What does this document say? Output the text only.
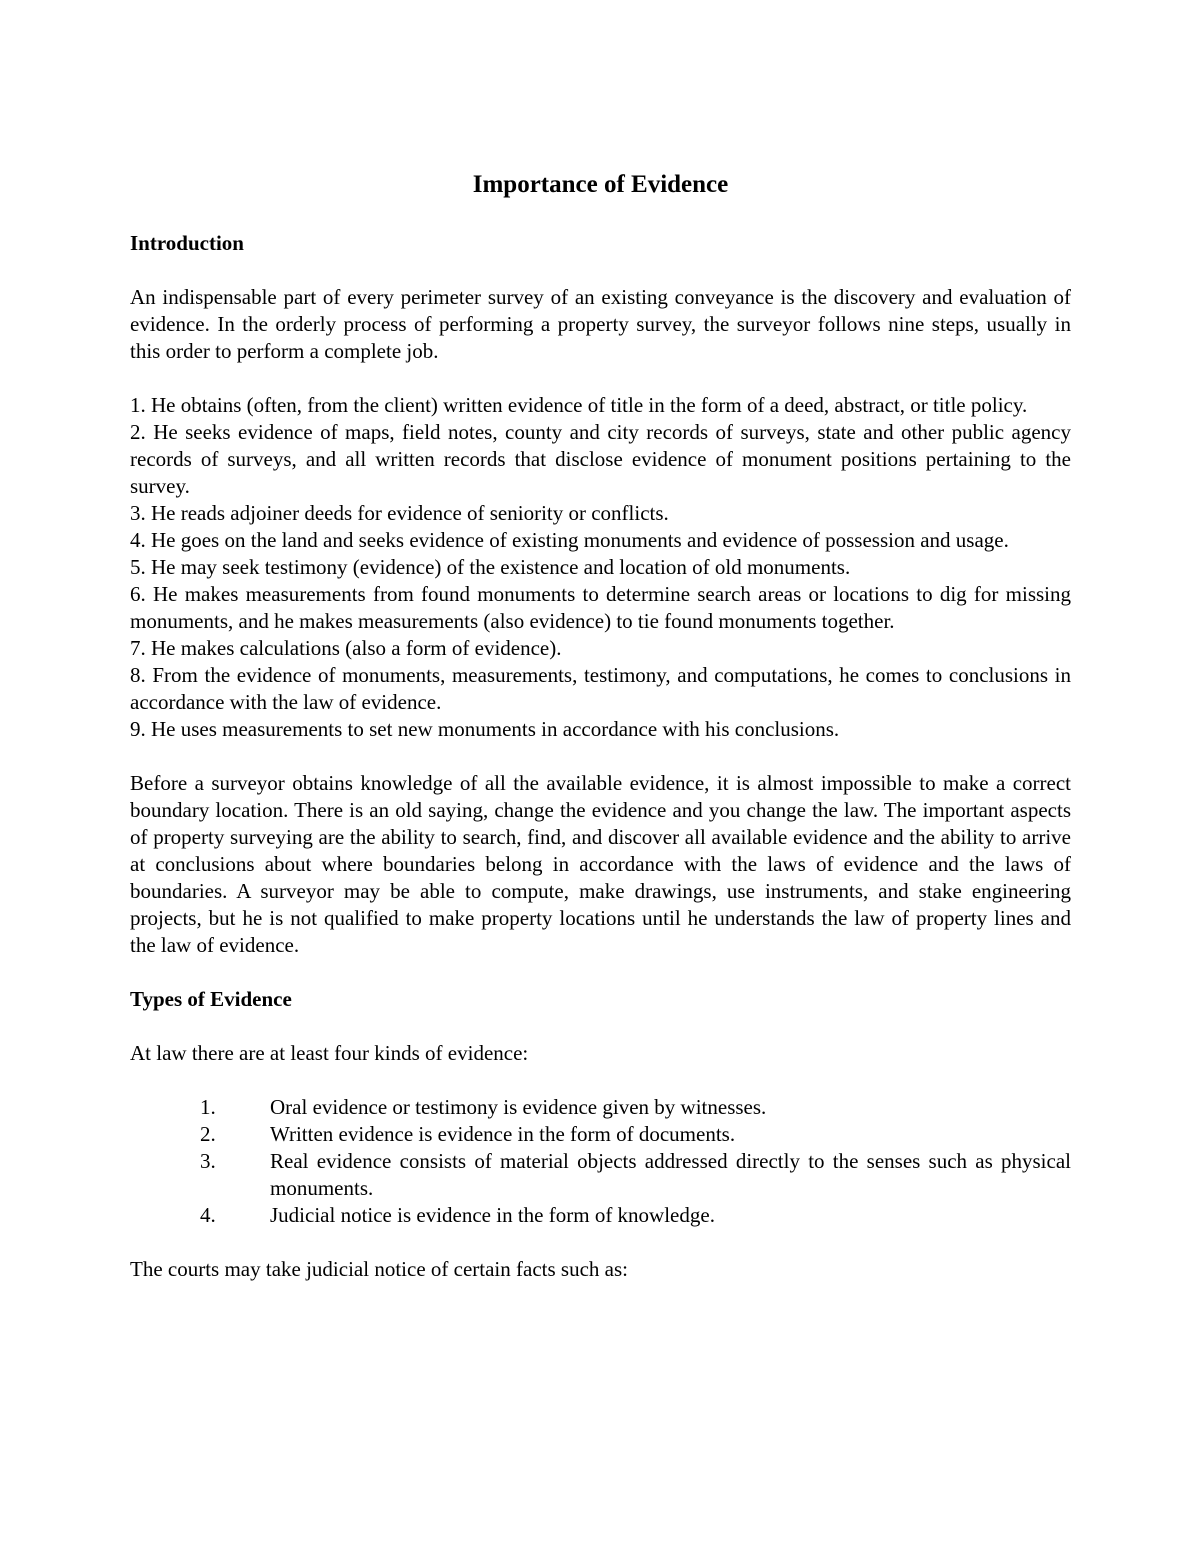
Importance of Evidence
Introduction

An indispensable part of every perimeter survey of an existing conveyance is the discovery and evaluation of evidence. In the orderly process of performing a property survey, the surveyor follows nine steps, usually in this order to perform a complete job.

1. He obtains (often, from the client) written evidence of title in the form of a deed, abstract, or title policy.

2. He seeks evidence of maps, field notes, county and city records of surveys, state and other public agency records of surveys, and all written records that disclose evidence of monument positions pertaining to the survey.

3. He reads adjoiner deeds for evidence of seniority or conflicts.

4. He goes on the land and seeks evidence of existing monuments and evidence of possession and usage.

5. He may seek testimony (evidence) of the existence and location of old monuments.

6. He makes measurements from found monuments to determine search areas or locations to dig for missing monuments, and he makes measurements (also evidence) to tie found monuments together.

7. He makes calculations (also a form of evidence).

8. From the evidence of monuments, measurements, testimony, and computations, he comes to conclusions in accordance with the law of evidence.

9. He uses measurements to set new monuments in accordance with his conclusions.

Before a surveyor obtains knowledge of all the available evidence, it is almost impossible to make a correct boundary location. There is an old saying, change the evidence and you change the law. The important aspects of property surveying are the ability to search, find, and discover all available evidence and the ability to arrive at conclusions about where boundaries belong in accordance with the laws of evidence and the laws of boundaries. A surveyor may be able to compute, make drawings, use instruments, and stake engineering projects, but he is not qualified to make property locations until he understands the law of property lines and the law of evidence.

Types of Evidence

At law there are at least four kinds of evidence:

1.	Oral evidence or testimony is evidence given by witnesses.
2.	Written evidence is evidence in the form of documents.
3.	Real evidence consists of material objects addressed directly to the senses such as physical monuments.
4.	Judicial notice is evidence in the form of knowledge.

The courts may take judicial notice of certain facts such as:
